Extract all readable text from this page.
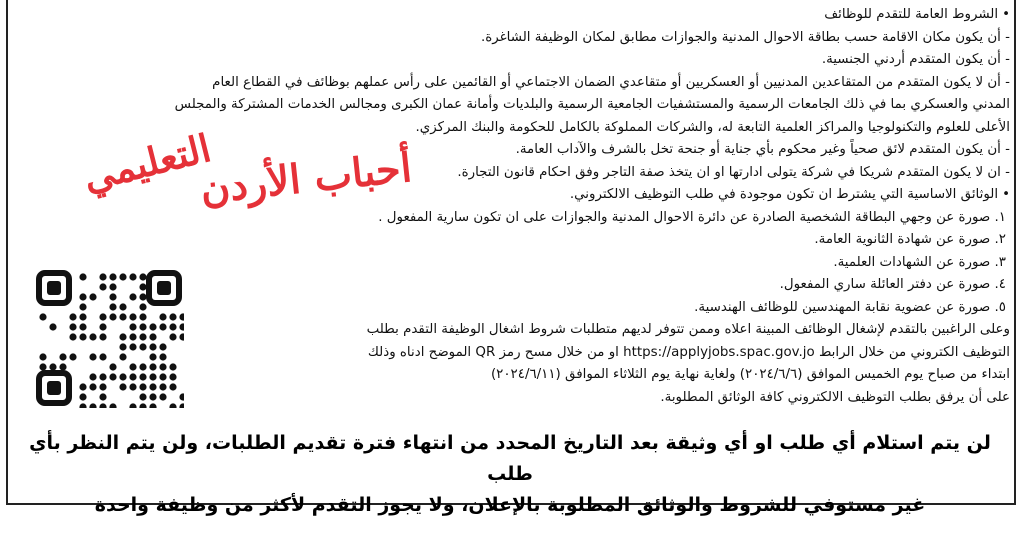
• الشروط العامة للتقدم للوظائف
- أن يكون مكان الاقامة حسب بطاقة الاحوال المدنية والجوازات مطابق لمكان الوظيفة الشاغرة.
- أن يكون المتقدم أردني الجنسية.
- أن لا يكون المتقدم من المتقاعدين المدنيين أو العسكريين أو متقاعدي الضمان الاجتماعي أو القائمين على رأس عملهم بوظائف في القطاع العام
المدني والعسكري بما في ذلك الجامعات الرسمية والمستشفيات الجامعية الرسمية والبلديات وأمانة عمان الكبرى ومجالس الخدمات المشتركة والمجلس
الأعلى للعلوم والتكنولوجيا والمراكز العلمية التابعة له، والشركات المملوكة بالكامل للحكومة والبنك المركزي.
- أن يكون المتقدم لائق صحياً وغير محكوم بأي جناية أو جنحة تخل بالشرف والآداب العامة.
- ان لا يكون المتقدم شريكا في شركة يتولى ادارتها او ان يتخذ صفة التاجر وفق احكام قانون التجارة.
• الوثائق الاساسية التي يشترط ان تكون موجودة في طلب التوظيف الالكتروني.
١. صورة عن وجهي البطاقة الشخصية الصادرة عن دائرة الاحوال المدنية والجوازات على ان تكون سارية المفعول .
٢. صورة عن شهادة الثانوية العامة.
٣. صورة عن الشهادات العلمية.
٤. صورة عن دفتر العائلة ساري المفعول.
٥. صورة عن عضوية نقابة المهندسين للوظائف الهندسية.
وعلى الراغبين بالتقدم لإشغال الوظائف المبينة اعلاه وممن تتوفر لديهم متطلبات شروط اشغال الوظيفة التقدم بطلب
التوظيف الكتروني من خلال الرابط https://applyjobs.spac.gov.jo او من خلال مسح رمز QR الموضح ادناه وذلك
ابتداء من صباح يوم الخميس الموافق (٢٠٢٤/٦/٦) ولغاية نهاية يوم الثلاثاء الموافق (٢٠٢٤/٦/١١)
على أن يرفق بطلب التوظيف الالكتروني كافة الوثائق المطلوبة.
التعليمي
أحباب الأردن
لن يتم استلام أي طلب او أي وثيقة بعد التاريخ المحدد من انتهاء فترة تقديم الطلبات، ولن يتم النظر بأي طلب
غير مستوفي للشروط والوثائق المطلوبة بالإعلان، ولا يجوز التقدم لأكثر من وظيفة واحدة
